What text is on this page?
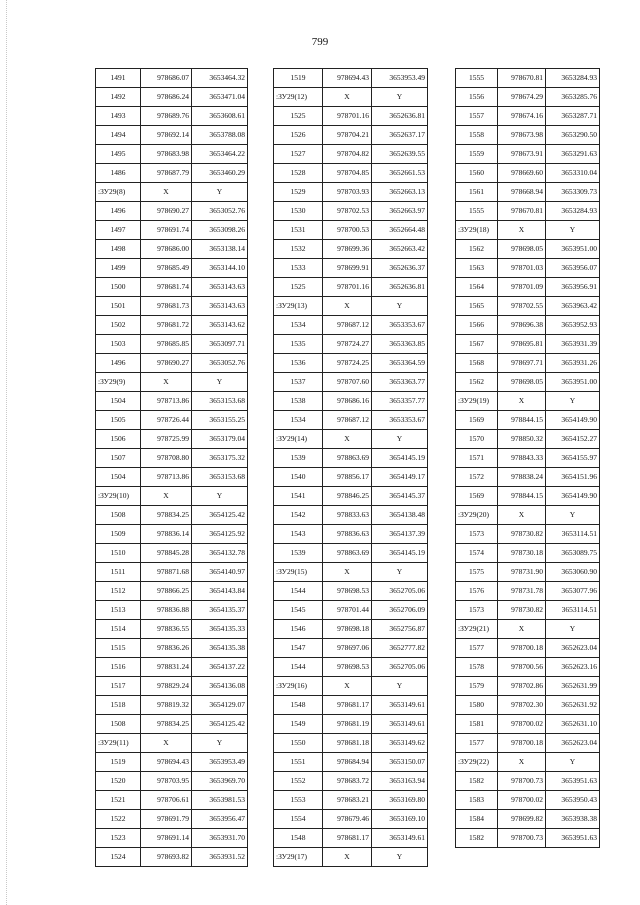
799
1491	978686.07	3653464.32
1492	978686.24	3653471.04
1493	978689.76	3653608.61
1494	978692.14	3653788.08
1495	978683.98	3653464.22
1486	978687.79	3653460.29
:ЗУ29(8)	X	Y
1496	978690.27	3653052.76
1497	978691.74	3653098.26
1498	978686.00	3653138.14
1499	978685.49	3653144.10
1500	978681.74	3653143.63
1501	978681.73	3653143.63
1502	978681.72	3653143.62
1503	978685.85	3653097.71
1496	978690.27	3653052.76
:ЗУ29(9)	X	Y
1504	978713.86	3653153.68
1505	978726.44	3653155.25
1506	978725.99	3653179.04
1507	978708.80	3653175.32
1504	978713.86	3653153.68
:ЗУ29(10)	X	Y
1508	978834.25	3654125.42
1509	978836.14	3654125.92
1510	978845.28	3654132.78
1511	978871.68	3654140.97
1512	978866.25	3654143.84
1513	978836.88	3654135.37
1514	978836.55	3654135.33
1515	978836.26	3654135.38
1516	978831.24	3654137.22
1517	978829.24	3654136.08
1518	978819.32	3654129.07
1508	978834.25	3654125.42
:ЗУ29(11)	X	Y
1519	978694.43	3653953.49
1520	978703.95	3653969.70
1521	978706.61	3653981.53
1522	978691.79	3653956.47
1523	978691.14	3653931.70
1524	978693.82	3653931.52
1519	978694.43	3653953.49
:ЗУ29(12)	X	Y
1525	978701.16	3652636.81
1526	978704.21	3652637.17
1527	978704.82	3652639.55
1528	978704.85	3652661.53
1529	978703.93	3652663.13
1530	978702.53	3652663.97
1531	978700.53	3652664.48
1532	978699.36	3652663.42
1533	978699.91	3652636.37
1525	978701.16	3652636.81
:ЗУ29(13)	X	Y
1534	978687.12	3653353.67
1535	978724.27	3653363.85
1536	978724.25	3653364.59
1537	978707.60	3653363.77
1538	978686.16	3653357.77
1534	978687.12	3653353.67
:ЗУ29(14)	X	Y
1539	978863.69	3654145.19
1540	978856.17	3654149.17
1541	978846.25	3654145.37
1542	978833.63	3654138.48
1543	978836.63	3654137.39
1539	978863.69	3654145.19
:ЗУ29(15)	X	Y
1544	978698.53	3652705.06
1545	978701.44	3652706.09
1546	978698.18	3652756.87
1547	978697.06	3652777.82
1544	978698.53	3652705.06
:ЗУ29(16)	X	Y
1548	978681.17	3653149.61
1549	978681.19	3653149.61
1550	978681.18	3653149.62
1551	978684.94	3653150.07
1552	978683.72	3653163.94
1553	978683.21	3653169.80
1554	978679.46	3653169.10
1548	978681.17	3653149.61
:ЗУ29(17)	X	Y
1555	978670.81	3653284.93
1556	978674.29	3653285.76
1557	978674.16	3653287.71
1558	978673.98	3653290.50
1559	978673.91	3653291.63
1560	978669.60	3653310.04
1561	978668.94	3653309.73
1555	978670.81	3653284.93
:ЗУ29(18)	X	Y
1562	978698.05	3653951.00
1563	978701.03	3653956.07
1564	978701.09	3653956.91
1565	978702.55	3653963.42
1566	978696.38	3653952.93
1567	978695.81	3653931.39
1568	978697.71	3653931.26
1562	978698.05	3653951.00
:ЗУ29(19)	X	Y
1569	978844.15	3654149.90
1570	978850.32	3654152.27
1571	978843.33	3654155.97
1572	978838.24	3654151.96
1569	978844.15	3654149.90
:ЗУ29(20)	X	Y
1573	978730.82	3653114.51
1574	978730.18	3653089.75
1575	978731.90	3653060.90
1576	978731.78	3653077.96
1573	978730.82	3653114.51
:ЗУ29(21)	X	Y
1577	978700.18	3652623.04
1578	978700.56	3652623.16
1579	978702.86	3652631.99
1580	978702.30	3652631.92
1581	978700.02	3652631.10
1577	978700.18	3652623.04
:ЗУ29(22)	X	Y
1582	978700.73	3653951.63
1583	978700.02	3653950.43
1584	978699.82	3653938.38
1582	978700.73	3653951.63
